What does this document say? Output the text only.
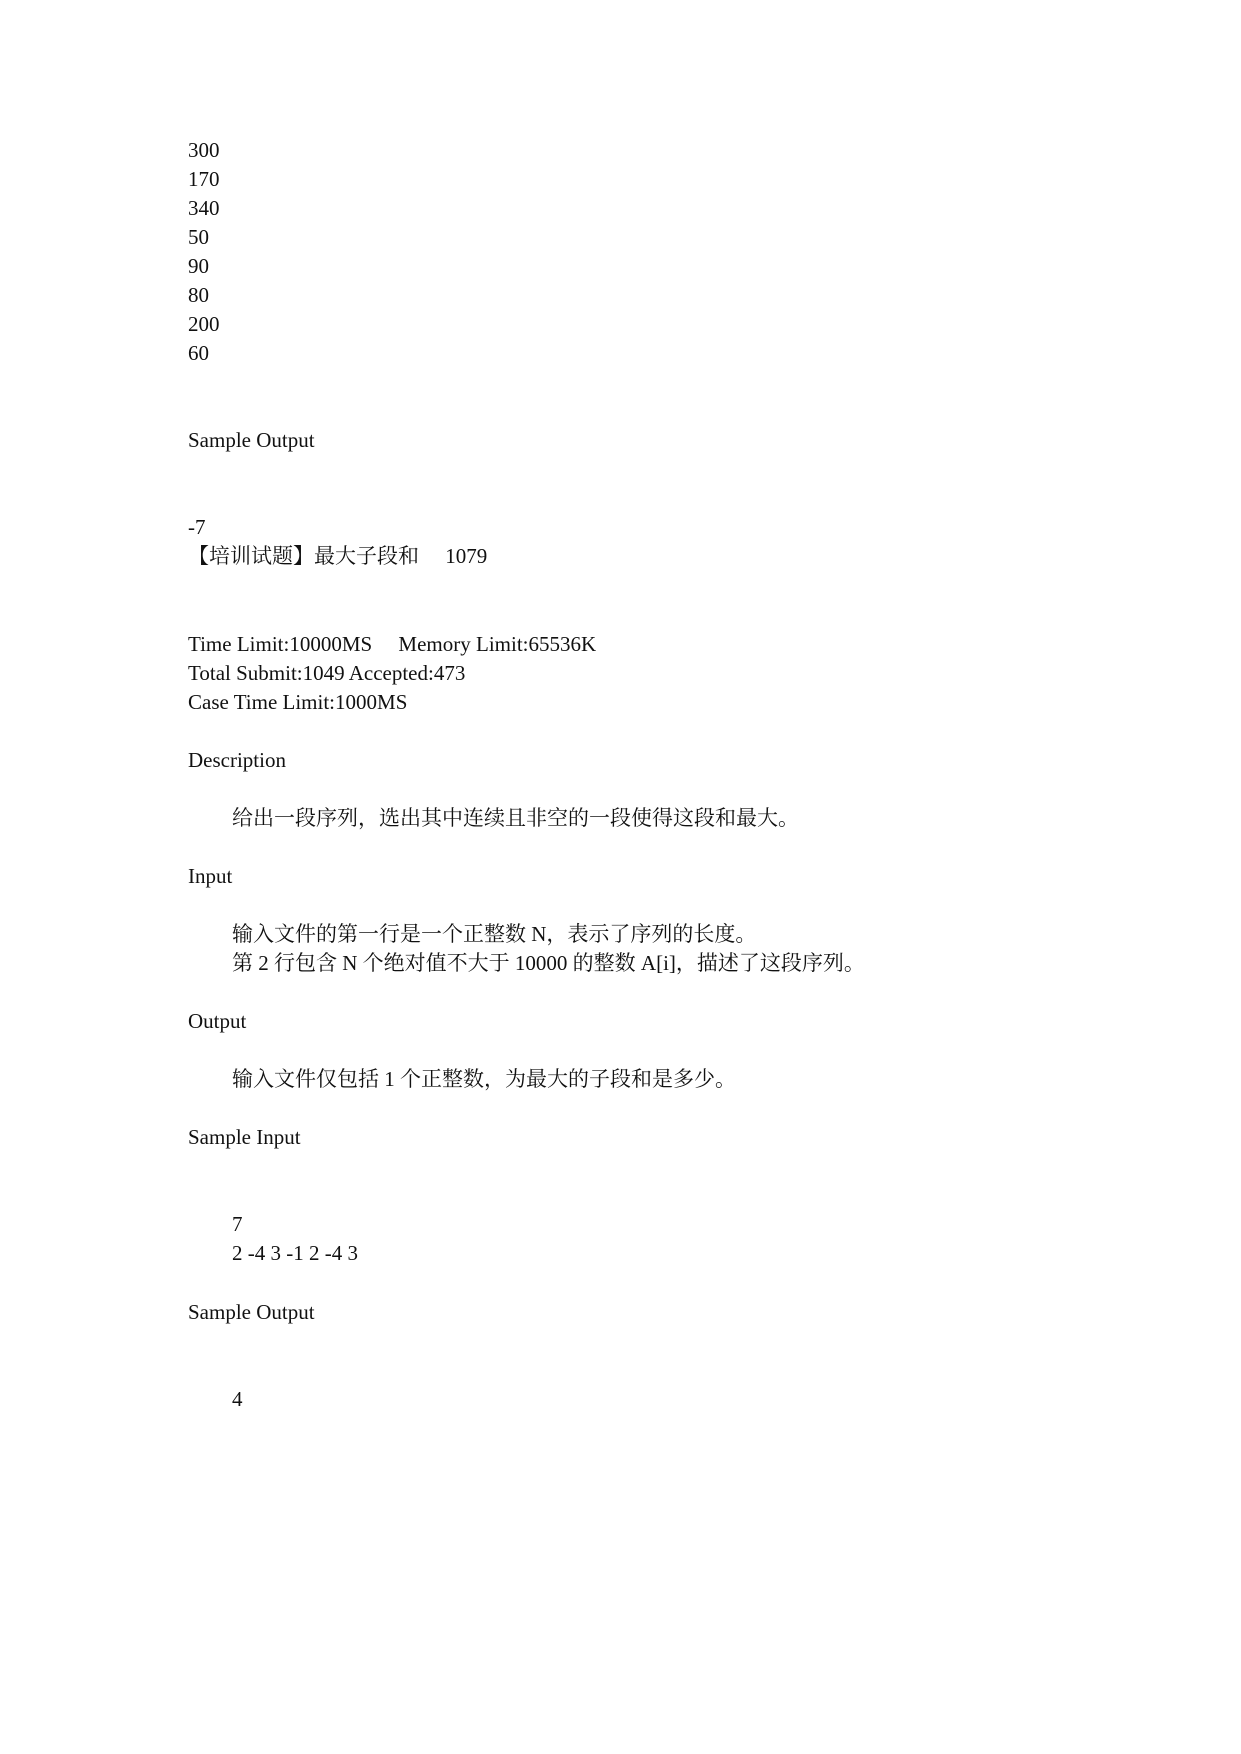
300
170
340
50
90
80
200
60
Sample Output
-7
【培训试题】最大子段和　 1079
Time Limit:10000MS　 Memory Limit:65536K
Total Submit:1049 Accepted:473
Case Time Limit:1000MS
Description
给出一段序列，选出其中连续且非空的一段使得这段和最大。
Input
输入文件的第一行是一个正整数 N，表示了序列的长度。
第 2 行包含 N 个绝对值不大于 10000 的整数 A[i]，描述了这段序列。
Output
输入文件仅包括 1 个正整数，为最大的子段和是多少。
Sample Input
7
2 -4 3 -1 2 -4 3
Sample Output
4
